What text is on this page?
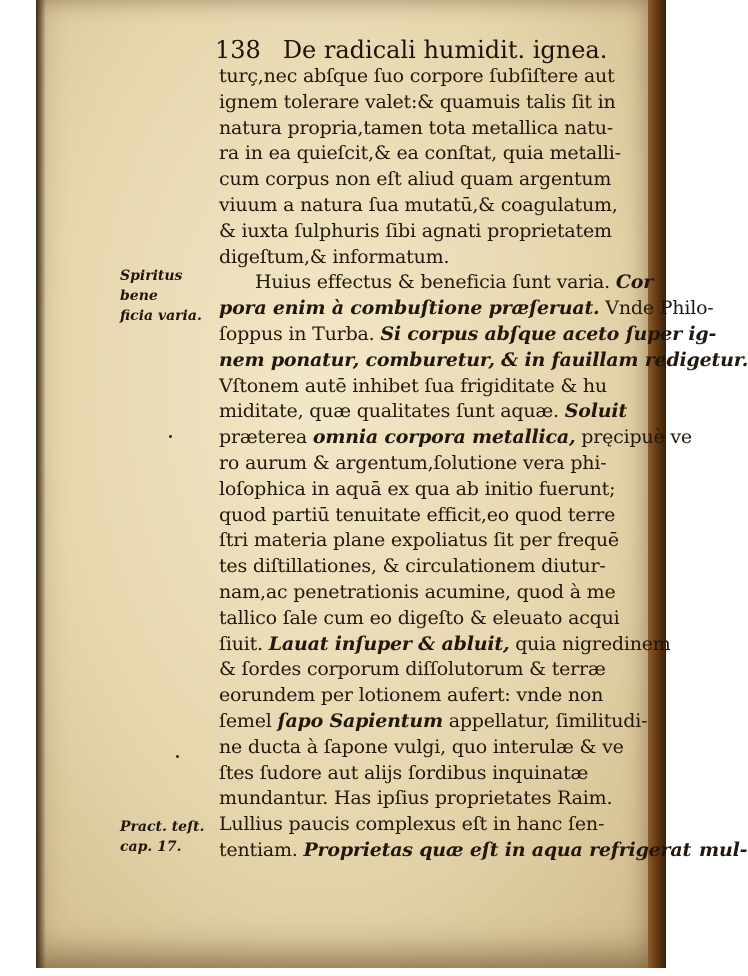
138 De radicali humidit. ignea.
turç,nec abſque ſuo corpore ſubſiſtere aut
ignem tolerare valet:& quamuis talis ſit in
natura propria,tamen tota metallica natu-
ra in ea quieſcit,& ea conſtat, quia metalli-
cum corpus non eſt aliud quam argentum
viuum a natura ſua mutatū,& coagulatum,
& iuxta ſulphuris ſibi agnati proprietatem
digeſtum,& informatum.
Huius effectus & beneficia ſunt varia. Cor
pora enim à combuſtione præſeruat. Vnde Philo-
ſoppus in Turba. Si corpus abſque aceto ſuper ig-
nem ponatur, comburetur, & in fauillam redigetur.
Vſtonem autē inhibet ſua frigiditate & hu
miditate, quæ qualitates ſunt aquæ. Soluit
præterea omnia corpora metallica, pręcipuè ve
ro aurum & argentum,ſolutione vera phi-
loſophica in aquā ex qua ab initio fuerunt;
quod partiū tenuitate efficit,eo quod terre
ſtri materia plane expoliatus ſit per frequē
tes diſtillationes, & circulationem diutur-
nam,ac penetrationis acumine, quod à me
tallico ſale cum eo digeſto & eleuato acqui
ſiuit. Lauat inſuper & abluit, quia nigredinem
& ſordes corporum diſſolutorum & terræ
eorundem per lotionem aufert: vnde non
ſemel ſapo Sapientum appellatur, ſimilitudi-
ne ducta à ſapone vulgi, quo interulæ & ve
ſtes ſudore aut alijs ſordibus inquinatæ
mundantur. Has ipſius proprietates Raim.
Lullius paucis complexus eſt in hanc ſen-
tentiam. Proprietas quæ eſt in aqua refrigerat mul-
Spiritus bene
ficia varia.
Pract. teſt.
cap. 17.
